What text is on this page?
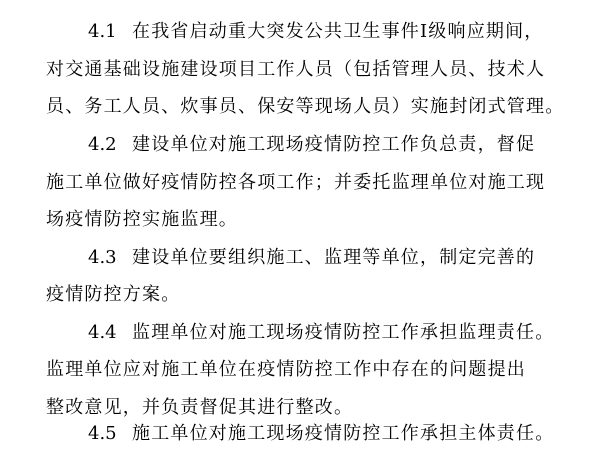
4.1 在我省启动重大突发公共卫生事件Ⅰ级响应期间，
对交通基础设施建设项目工作人员（包括管理人员、技术人
员、务工人员、炊事员、保安等现场人员）实施封闭式管理。
4.2 建设单位对施工现场疫情防控工作负总责，督促
施工单位做好疫情防控各项工作；并委托监理单位对施工现
场疫情防控实施监理。
4.3 建设单位要组织施工、监理等单位，制定完善的
疫情防控方案。
4.4 监理单位对施工现场疫情防控工作承担监理责任。
监理单位应对施工单位在疫情防控工作中存在的问题提出
整改意见，并负责督促其进行整改。
4.5 施工单位对施工现场疫情防控工作承担主体责任。
